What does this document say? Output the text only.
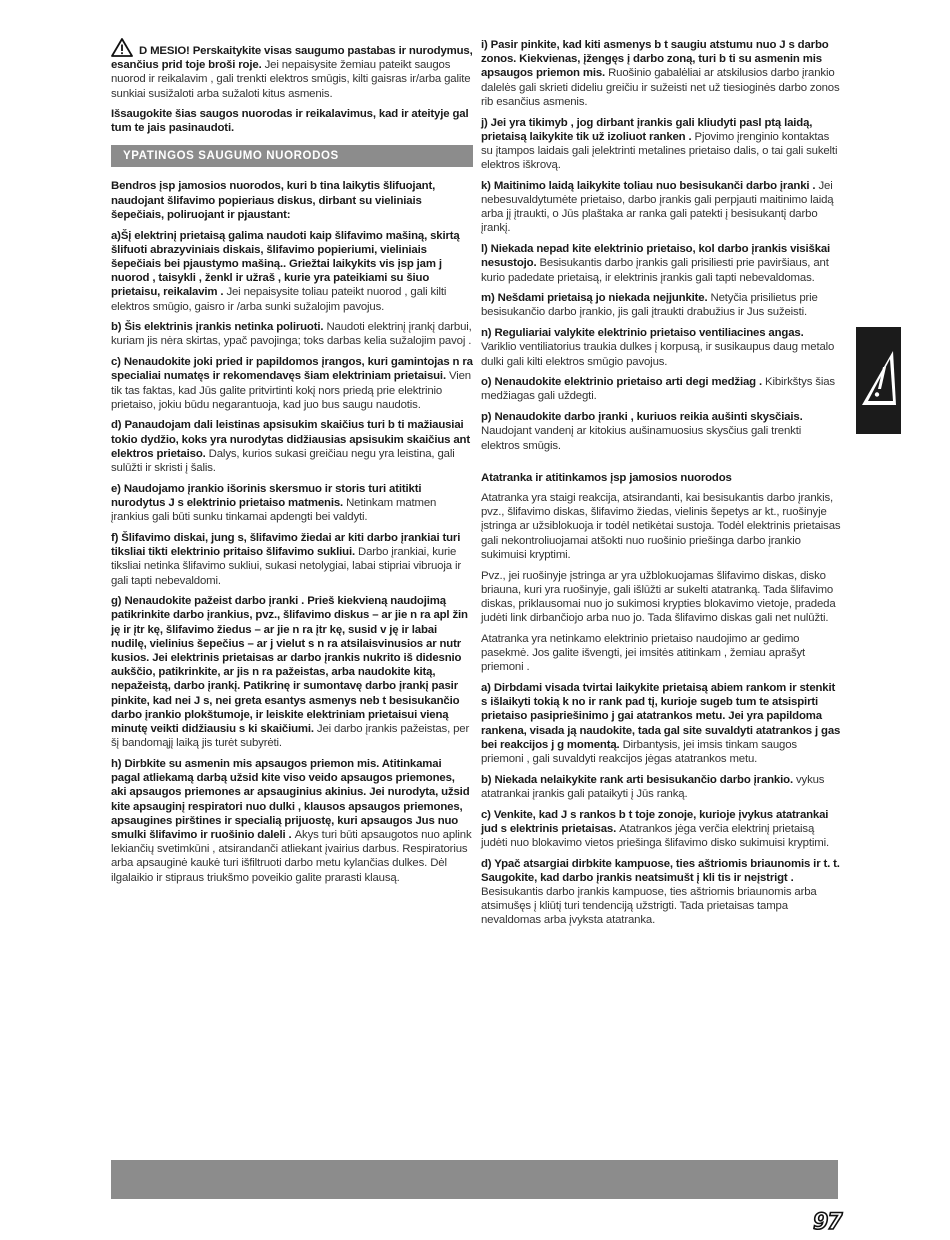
D MESIO! Perskaitykite visas saugumo pastabas ir nurodymus, esančius prid toje broši roje. Jei nepaisysite žemiau pateikt saugos nuorod ir reikalavim , gali trenkti elektros smūgis, kilti gaisras ir/arba galite sunkiai susižaloti arba sužaloti kitus asmenis.

Išsaugokite šias saugos nuorodas ir reikalavimus, kad ir ateityje gal tum te jais pasinaudoti.

YPATINGOS SAUGUMO NUORODOS

Bendros įsp jamosios nuorodos, kuri b tina laikytis šlifuojant, naudojant šlifavimo popieriaus diskus, dirbant su vieliniais šepečiais, poliruojant ir pjaustant:

a)Šį elektrinį prietaisą galima naudoti kaip šlifavimo mašiną, skirtą šlifuoti abrazyviniais diskais, šlifavimo popieriumi, vieliniais šepečiais bei pjaustymo mašiną.. Griežtai laikykits vis įsp jam j nuorod , taisykli , ženkl ir užraš , kurie yra pateikiami su šiuo prietaisu, reikalavim . Jei nepaisysite toliau pateikt nuorod , gali kilti elektros smūgio, gaisro ir /arba sunki sužalojim pavojus.

b) Šis elektrinis įrankis netinka poliruoti. Naudoti elektrinį įrankį darbui, kuriam jis nėra skirtas, ypač pavojinga; toks darbas kelia sužalojim pavoj .

c) Nenaudokite joki pried ir papildomos įrangos, kuri gamintojas n ra specialiai numatęs ir rekomendavęs šiam elektriniam prietaisui. Vien tik tas faktas, kad Jūs galite pritvirtinti kokį nors priedą prie elektrinio prietaiso, jokiu būdu negarantuoja, kad juo bus saugu naudotis.

d) Panaudojam dali leistinas apsisukim skaičius turi b ti mažiausiai tokio dydžio, koks yra nurodytas didžiausias apsisukim skaičius ant elektros prietaiso. Dalys, kurios sukasi greičiau negu yra leistina, gali sulūžti ir skristi į šalis.

e) Naudojamo įrankio išorinis skersmuo ir storis turi atitikti nurodytus J s elektrinio prietaiso matmenis. Netinkam matmen įrankius gali būti sunku tinkamai apdengti bei valdyti.

f) Šlifavimo diskai, jung s, šlifavimo žiedai ar kiti darbo įrankiai turi tiksliai tikti elektrinio pritaiso šlifavimo sukliui. Darbo įrankiai, kurie tiksliai netinka šlifavimo sukliui, sukasi netolygiai, labai stipriai vibruoja ir gali tapti nebevaldomi.

g) Nenaudokite pažeist darbo įranki . Prieš kiekvieną naudojimą patikrinkite darbo įrankius, pvz., šlifavimo diskus – ar jie n ra apl žin ję ir įtr kę, šlifavimo žiedus – ar jie n ra įtr kę, susid v ję ir labai nudilę, vielinius šepečius – ar j vielut s n ra atsilaisvinusios ar nutr kusios. Jei elektrinis prietaisas ar darbo įrankis nukrito iš didesnio aukščio, patikrinkite, ar jis n ra pažeistas, arba naudokite kitą, nepažeistą, darbo įrankį. Patikrinę ir sumontavę darbo įrankį pasir pinkite, kad nei J s, nei greta esantys asmenys neb t besisukančio darbo įrankio plokštumoje, ir leiskite elektriniam prietaisui vieną minutę veikti didžiausiu s ki skaičiumi. Jei darbo įrankis pažeistas, per šį bandomąjį laiką jis turėt subyrėti.

h) Dirbkite su asmenin mis apsaugos priemon mis. Atitinkamai pagal atliekamą darbą užsid kite viso veido apsaugos priemones, aki apsaugos priemones ar apsauginius akinius. Jei nurodyta, užsid kite apsauginį respiratori nuo dulki , klausos apsaugos priemones, apsaugines pirštines ir specialią prijuostę, kuri apsaugos Jus nuo smulki šlifavimo ir ruošinio daleli . Akys turi būti apsaugotos nuo aplink lekiančių svetimkūni , atsirandanči atliekant įvairius darbus. Respiratorius arba apsauginė kaukė turi išfiltruoti darbo metu kylančias dulkes. Dėl ilgalaikio ir stipraus triukšmo poveikio galite prarasti klausą.

i) Pasir pinkite, kad kiti asmenys b t saugiu atstumu nuo J s darbo zonos. Kiekvienas, įžengęs į darbo zoną, turi b ti su asmenin mis apsaugos priemon mis. Ruošinio gabalėliai ar atskilusios darbo įrankio dalelės gali skrieti dideliu greičiu ir sužeisti net už tiesioginės darbo zonos rib esančius asmenis.

j) Jei yra tikimyb , jog dirbant įrankis gali kliudyti pasl ptą laidą, prietaisą laikykite tik už izoliuot ranken . Pjovimo įrenginio kontaktas su įtampos laidais gali įelektrinti metalines prietaiso dalis, o tai gali sukelti elektros iškrovą.

k) Maitinimo laidą laikykite toliau nuo besisukanči darbo įranki . Jei nebesuvaldytumėte prietaiso, darbo įrankis gali perpjauti maitinimo laidą arba jį įtraukti, o Jūs plaštaka ar ranka gali patekti į besisukantį darbo įrankį.

l) Niekada nepad kite elektrinio prietaiso, kol darbo įrankis visiškai nesustojo. Besisukantis darbo įrankis gali prisiliesti prie paviršiaus, ant kurio padedate prietaisą, ir elektrinis įrankis gali tapti nebevaldomas.

m) Nešdami prietaisą jo niekada neįjunkite. Netyčia prisilietus prie besisukančio darbo įrankio, jis gali įtraukti drabužius ir Jus sužeisti.

n) Reguliariai valykite elektrinio prietaiso ventiliacines angas. Variklio ventiliatorius traukia dulkes į korpusą, ir susikaupus daug metalo dulki gali kilti elektros smūgio pavojus.

o) Nenaudokite elektrinio prietaiso arti degi medžiag . Kibirkštys šias medžiagas gali uždegti.

p) Nenaudokite darbo įranki , kuriuos reikia aušinti skysčiais. Naudojant vandenį ar kitokius aušinamuosius skysčius gali trenkti elektros smūgis.

Atatranka ir atitinkamos įsp jamosios nuorodos

Atatranka yra staigi reakcija, atsirandanti, kai besisukantis darbo įrankis, pvz., šlifavimo diskas, šlifavimo žiedas, vielinis šepetys ar kt., ruošinyje įstringa ar užsiblokuoja ir todėl netikėtai sustoja. Todėl elektrinis prietaisas gali nekontroliuojamai atšokti nuo ruošinio priešinga darbo įrankio sukimuisi kryptimi.

Pvz., jei ruošinyje įstringa ar yra užblokuojamas šlifavimo diskas, disko briauna, kuri yra ruošinyje, gali išlūžti ar sukelti atatranką. Tada šlifavimo diskas, priklausomai nuo jo sukimosi krypties blokavimo vietoje, pradeda judėti link dirbančiojo arba nuo jo. Tada šlifavimo diskas gali net nulūžti.

Atatranka yra netinkamo elektrinio prietaiso naudojimo ar gedimo pasekmė. Jos galite išvengti, jei imsitės atitinkam , žemiau aprašyt priemoni .

a) Dirbdami visada tvirtai laikykite prietaisą abiem rankom ir stenkit s išlaikyti tokią k no ir rank pad tį, kurioje sugeb tum te atsispirti prietaiso pasipriešinimo j gai atatrankos metu. Jei yra papildoma rankena, visada ją naudokite, tada gal site suvaldyti atatrankos j gas bei reakcijos j g momentą. Dirbantysis, jei imsis tinkam saugos priemoni , gali suvaldyti reakcijos jėgas atatrankos metu.

b) Niekada nelaikykite rank arti besisukančio darbo įrankio. vykus atatrankai įrankis gali pataikyti į Jūs ranką.

c) Venkite, kad J s rankos b t toje zonoje, kurioje įvykus atatrankai jud s elektrinis prietaisas. Atatrankos jėga verčia elektrinį prietaisą judėti nuo blokavimo vietos priešinga šlifavimo disko sukimuisi kryptimi.

d) Ypač atsargiai dirbkite kampuose, ties aštriomis briaunomis ir t. t. Saugokite, kad darbo įrankis neatsimušt į kli tis ir neįstrigt . Besisukantis darbo įrankis kampuose, ties aštriomis briaunomis arba atsimušęs į kliūtį turi tendenciją užstrigti. Tada prietaisas tampa nevaldomas arba įvyksta atatranka.

97
